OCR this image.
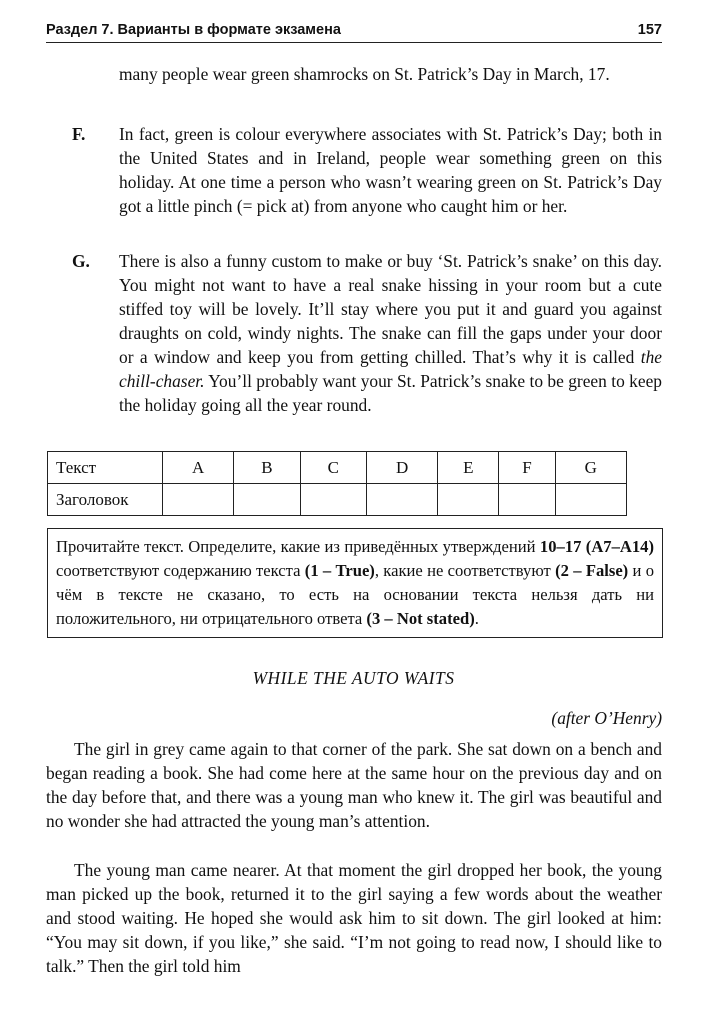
Раздел 7. Варианты в формате экзамена	157
many people wear green shamrocks on St. Patrick’s Day in March, 17.
F. In fact, green is colour everywhere associates with St. Patrick’s Day; both in the United States and in Ireland, people wear something green on this holiday. At one time a person who wasn’t wearing green on St. Patrick’s Day got a little pinch (= pick at) from anyone who caught him or her.
G. There is also a funny custom to make or buy ‘St. Patrick’s snake’ on this day. You might not want to have a real snake hissing in your room but a cute stiffed toy will be lovely. It’ll stay where you put it and guard you against draughts on cold, windy nights. The snake can fill the gaps under your door or a window and keep you from getting chilled. That’s why it is called the chill-chaser. You’ll probably want your St. Patrick’s snake to be green to keep the holiday going all the year round.
Текст	A	B	C	D	E	F	G
Заголовок							
Прочитайте текст. Определите, какие из приведённых утверждений 10–17 (A7–A14) соответствуют содержанию текста (1 – True), какие не соответствуют (2 – False) и о чём в тексте не сказано, то есть на основании текста нельзя дать ни положительного, ни отрицательного ответа (3 – Not stated).
WHILE THE AUTO WAITS
(after O’Henry)
The girl in grey came again to that corner of the park. She sat down on a bench and began reading a book. She had come here at the same hour on the previous day and on the day before that, and there was a young man who knew it. The girl was beautiful and no wonder she had attracted the young man’s attention.
The young man came nearer. At that moment the girl dropped her book, the young man picked up the book, returned it to the girl saying a few words about the weather and stood waiting. He hoped she would ask him to sit down. The girl looked at him: “You may sit down, if you like,” she said. “I’m not going to read now, I should like to talk.” Then the girl told him
